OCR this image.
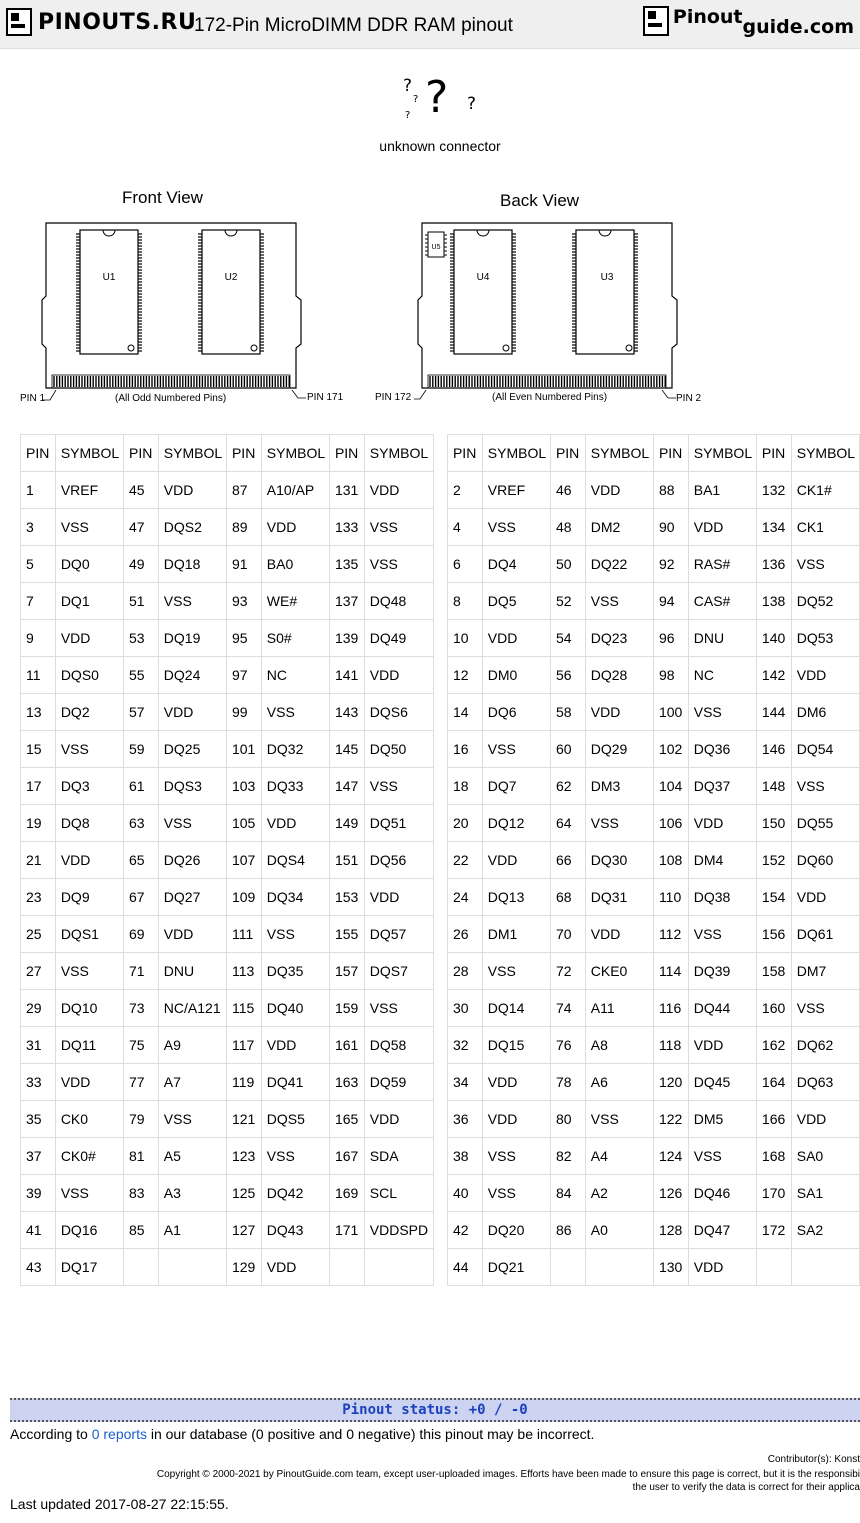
PINOUTS.RU
172-Pin MicroDIMM DDR RAM pinout	Pinout guide.com
?
?
? ? ?
unknown connector
Front View
U1	U2
PIN 1	(All Odd Numbered Pins)	PIN 171
Back View
U5
U4	U3
PIN 172	(All Even Numbered Pins)	PIN 2
PIN	SYMBOL	PIN	SYMBOL	PIN	SYMBOL	PIN	SYMBOL		PIN	SYMBOL	PIN	SYMBOL	PIN	SYMBOL	PIN	SYMBOL
1	VREF	45	VDD	87	A10/AP	131	VDD		2	VREF	46	VDD	88	BA1	132	CK1#
3	VSS	47	DQS2	89	VDD	133	VSS		4	VSS	48	DM2	90	VDD	134	CK1
5	DQ0	49	DQ18	91	BA0	135	VSS		6	DQ4	50	DQ22	92	RAS#	136	VSS
7	DQ1	51	VSS	93	WE#	137	DQ48		8	DQ5	52	VSS	94	CAS#	138	DQ52
9	VDD	53	DQ19	95	S0#	139	DQ49		10	VDD	54	DQ23	96	DNU	140	DQ53
11	DQS0	55	DQ24	97	NC	141	VDD		12	DM0	56	DQ28	98	NC	142	VDD
13	DQ2	57	VDD	99	VSS	143	DQS6		14	DQ6	58	VDD	100	VSS	144	DM6
15	VSS	59	DQ25	101	DQ32	145	DQ50		16	VSS	60	DQ29	102	DQ36	146	DQ54
17	DQ3	61	DQS3	103	DQ33	147	VSS		18	DQ7	62	DM3	104	DQ37	148	VSS
19	DQ8	63	VSS	105	VDD	149	DQ51		20	DQ12	64	VSS	106	VDD	150	DQ55
21	VDD	65	DQ26	107	DQS4	151	DQ56		22	VDD	66	DQ30	108	DM4	152	DQ60
23	DQ9	67	DQ27	109	DQ34	153	VDD		24	DQ13	68	DQ31	110	DQ38	154	VDD
25	DQS1	69	VDD	111	VSS	155	DQ57		26	DM1	70	VDD	112	VSS	156	DQ61
27	VSS	71	DNU	113	DQ35	157	DQS7		28	VSS	72	CKE0	114	DQ39	158	DM7
29	DQ10	73	NC/A121	115	DQ40	159	VSS		30	DQ14	74	A11	116	DQ44	160	VSS
31	DQ11	75	A9	117	VDD	161	DQ58		32	DQ15	76	A8	118	VDD	162	DQ62
33	VDD	77	A7	119	DQ41	163	DQ59		34	VDD	78	A6	120	DQ45	164	DQ63
35	CK0	79	VSS	121	DQS5	165	VDD		36	VDD	80	VSS	122	DM5	166	VDD
37	CK0#	81	A5	123	VSS	167	SDA		38	VSS	82	A4	124	VSS	168	SA0
39	VSS	83	A3	125	DQ42	169	SCL		40	VSS	84	A2	126	DQ46	170	SA1
41	DQ16	85	A1	127	DQ43	171	VDDSPD		42	DQ20	86	A0	128	DQ47	172	SA2
43	DQ17			129	VDD				44	DQ21			130	VDD		
Pinout status: +0 / -0
According to 0 reports in our database (0 positive and 0 negative) this pinout may be incorrect.
Contributor(s): Konst
Copyright © 2000-2021 by PinoutGuide.com team, except user-uploaded images. Efforts have been made to ensure this page is correct, but it is the responsibi
the user to verify the data is correct for their applica
Last updated 2017-08-27 22:15:55.
